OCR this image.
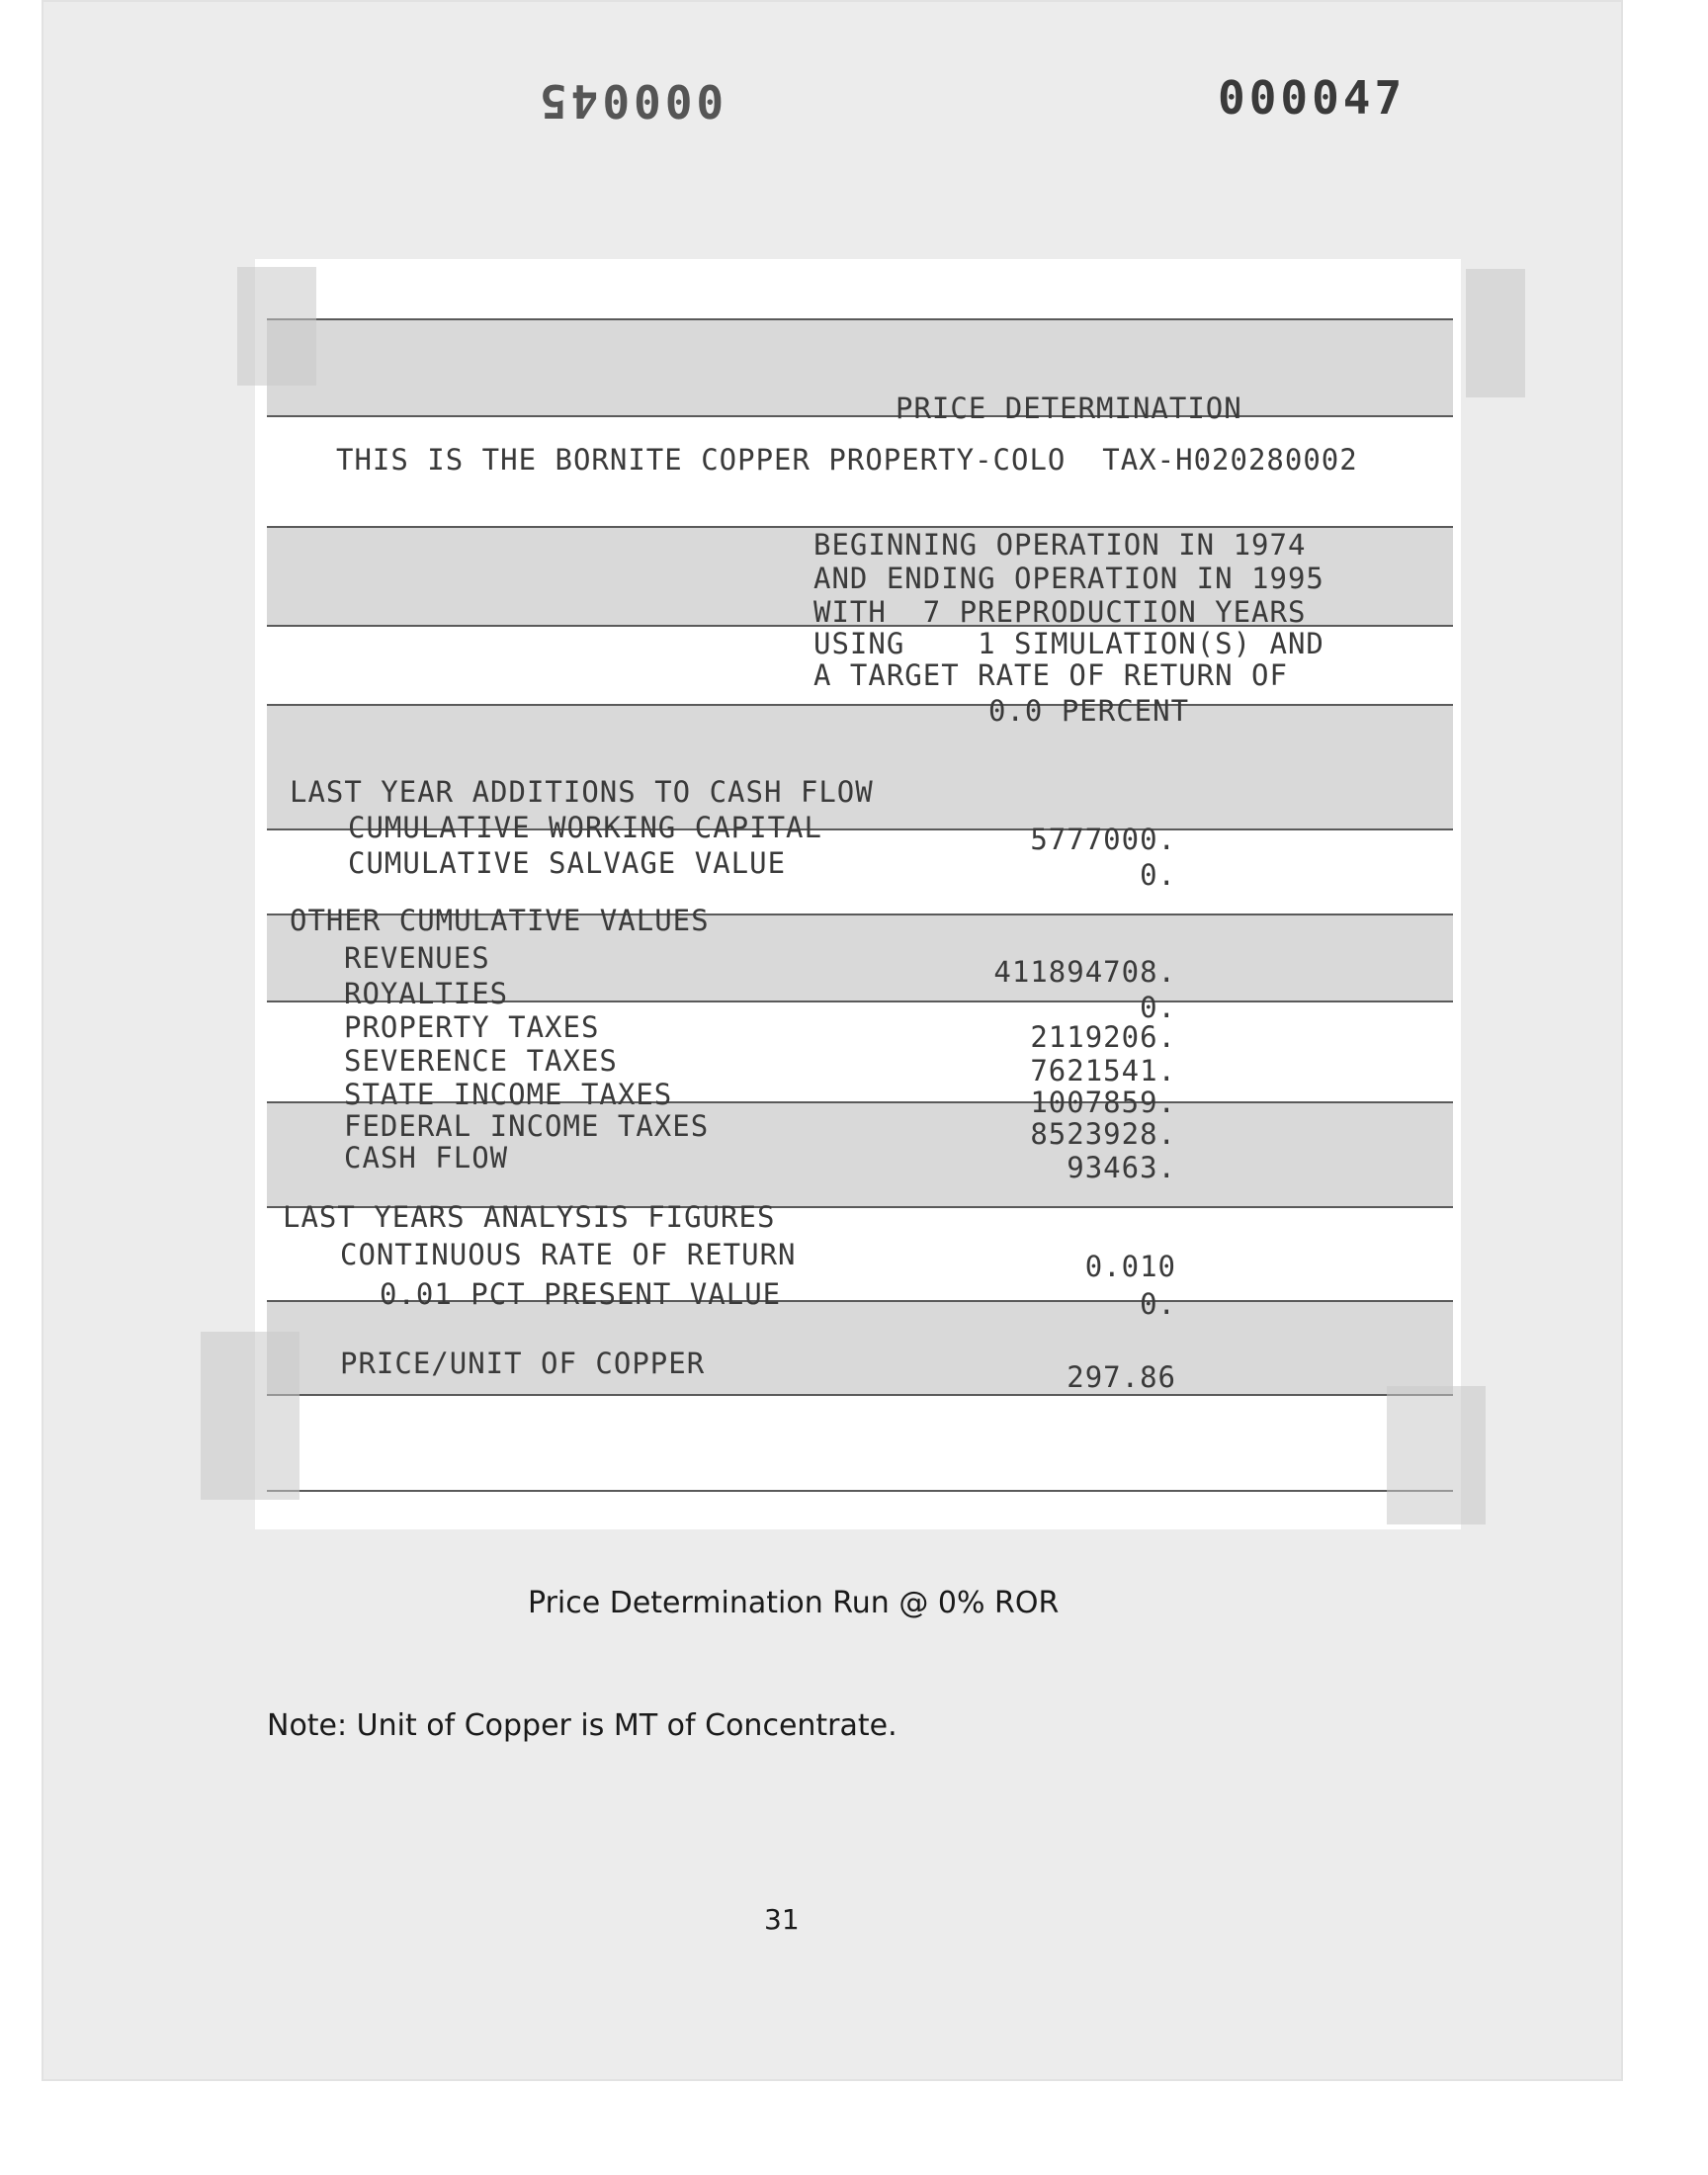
000045	000047
PRICE DETERMINATION
THIS IS THE BORNITE COPPER PROPERTY-COLO  TAX-H020280002
BEGINNING OPERATION IN 1974
AND ENDING OPERATION IN 1995
WITH  7 PREPRODUCTION YEARS
USING    1 SIMULATION(S) AND
A TARGET RATE OF RETURN OF
0.0 PERCENT
LAST YEAR ADDITIONS TO CASH FLOW
CUMULATIVE WORKING CAPITAL	5777000.
CUMULATIVE SALVAGE VALUE	0.
OTHER CUMULATIVE VALUES
REVENUES	411894708.
ROYALTIES	0.
PROPERTY TAXES	2119206.
SEVERENCE TAXES	7621541.
STATE INCOME TAXES	1007859.
FEDERAL INCOME TAXES	8523928.
CASH FLOW	93463.
LAST YEARS ANALYSIS FIGURES
CONTINUOUS RATE OF RETURN	0.010
0.01 PCT PRESENT VALUE	0.
PRICE/UNIT OF COPPER	297.86
Price Determination Run @ 0% ROR
Note: Unit of Copper is MT of Concentrate.
31
